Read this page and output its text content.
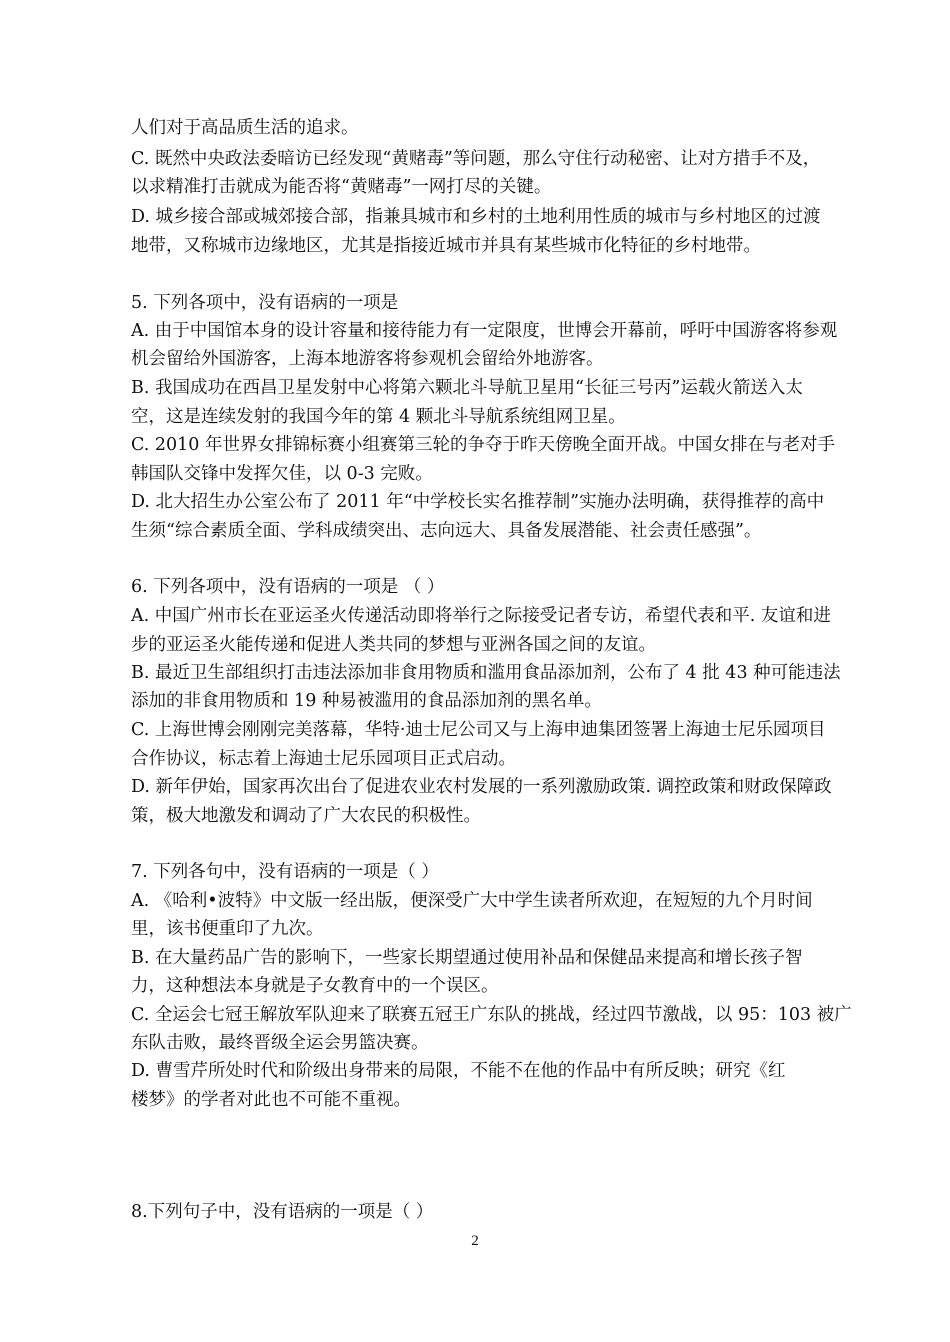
人们对于高品质生活的追求。
C. 既然中央政法委暗访已经发现“黄赌毒”等问题，那么守住行动秘密、让对方措手不及，
以求精准打击就成为能否将“黄赌毒”一网打尽的关键。
D. 城乡接合部或城郊接合部，指兼具城市和乡村的土地利用性质的城市与乡村地区的过渡
地带，又称城市边缘地区，尤其是指接近城市并具有某些城市化特征的乡村地带。
5. 下列各项中，没有语病的一项是
A. 由于中国馆本身的设计容量和接待能力有一定限度，世博会开幕前，呼吁中国游客将参观
机会留给外国游客，上海本地游客将参观机会留给外地游客。
B. 我国成功在西昌卫星发射中心将第六颗北斗导航卫星用“长征三号丙”运载火箭送入太
空，这是连续发射的我国今年的第 4 颗北斗导航系统组网卫星。
C. 2010 年世界女排锦标赛小组赛第三轮的争夺于昨天傍晚全面开战。中国女排在与老对手
韩国队交锋中发挥欠佳，以 0-3 完败。
D. 北大招生办公室公布了 2011 年“中学校长实名推荐制”实施办法明确，获得推荐的高中
生须“综合素质全面、学科成绩突出、志向远大、具备发展潜能、社会责任感强”。
6. 下列各项中，没有语病的一项是 （ ）
A. 中国广州市长在亚运圣火传递活动即将举行之际接受记者专访，希望代表和平. 友谊和进
步的亚运圣火能传递和促进人类共同的梦想与亚洲各国之间的友谊。
B. 最近卫生部组织打击违法添加非食用物质和滥用食品添加剂，公布了 4 批 43 种可能违法
添加的非食用物质和 19 种易被滥用的食品添加剂的黑名单。
C. 上海世博会刚刚完美落幕，华特·迪士尼公司又与上海申迪集团签署上海迪士尼乐园项目
合作协议，标志着上海迪士尼乐园项目正式启动。
D. 新年伊始，国家再次出台了促进农业农村发展的一系列激励政策. 调控政策和财政保障政
策，极大地激发和调动了广大农民的积极性。
7. 下列各句中，没有语病的一项是（ ）
A. 《哈利•波特》中文版一经出版，便深受广大中学生读者所欢迎，在短短的九个月时间
里，该书便重印了九次。
B. 在大量药品广告的影响下，一些家长期望通过使用补品和保健品来提高和增长孩子智
力，这种想法本身就是子女教育中的一个误区。
C. 全运会七冠王解放军队迎来了联赛五冠王广东队的挑战，经过四节激战，以 95：103 被广
东队击败，最终晋级全运会男篮决赛。
D. 曹雪芹所处时代和阶级出身带来的局限，不能不在他的作品中有所反映；研究《红
楼梦》的学者对此也不可能不重视。
8.下列句子中，没有语病的一项是（ ）
2
